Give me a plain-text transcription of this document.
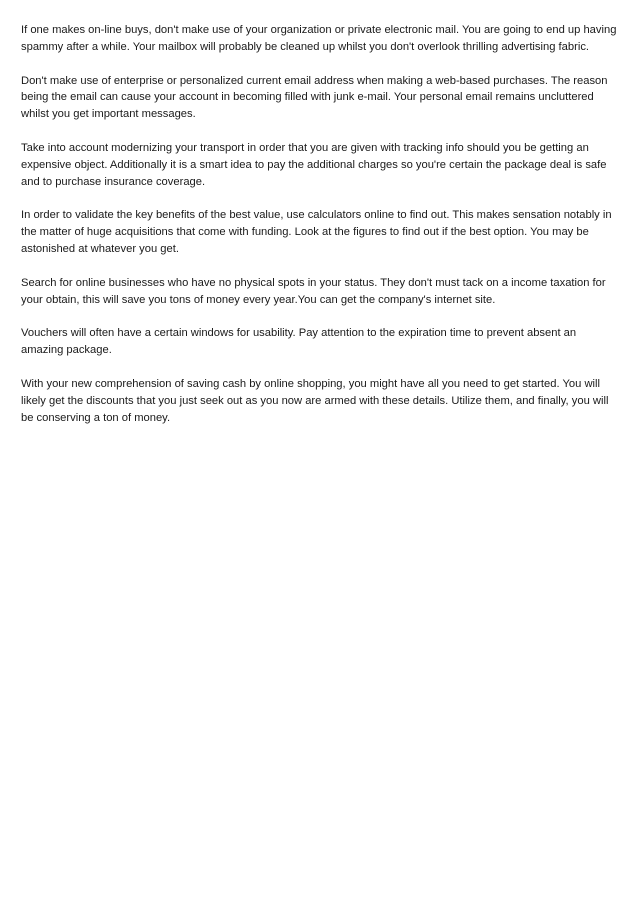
If one makes on-line buys, don't make use of your organization or private electronic mail. You are going to end up having spammy after a while. Your mailbox will probably be cleaned up whilst you don't overlook thrilling advertising fabric.

Don't make use of enterprise or personalized current email address when making a web-based purchases. The reason being the email can cause your account in becoming filled with junk e-mail. Your personal email remains uncluttered whilst you get important messages.

Take into account modernizing your transport in order that you are given with tracking info should you be getting an expensive object. Additionally it is a smart idea to pay the additional charges so you're certain the package deal is safe and to purchase insurance coverage.

In order to validate the key benefits of the best value, use calculators online to find out. This makes sensation notably in the matter of huge acquisitions that come with funding. Look at the figures to find out if the best option. You may be astonished at whatever you get.

Search for online businesses who have no physical spots in your status. They don't must tack on a income taxation for your obtain, this will save you tons of money every year.You can get the company's internet site.

Vouchers will often have a certain windows for usability. Pay attention to the expiration time to prevent absent an amazing package.

With your new comprehension of saving cash by online shopping, you might have all you need to get started. You will likely get the discounts that you just seek out as you now are armed with these details. Utilize them, and finally, you will be conserving a ton of money.
